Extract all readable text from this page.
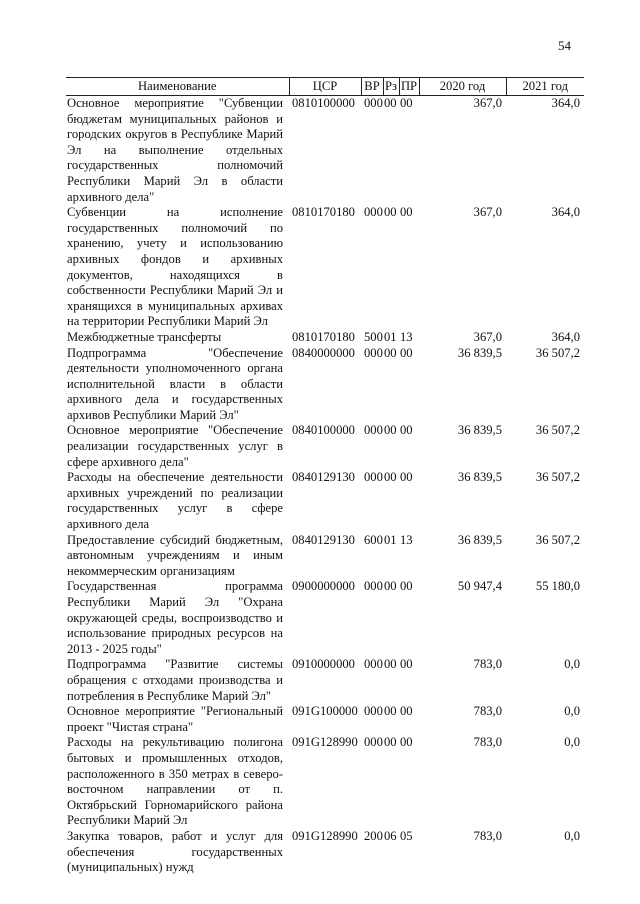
54
Наименование	ЦСР	ВР	Рз	ПР	2020 год	2021 год
Основное мероприятие "Субвенции бюджетам муниципальных районов и городских округов в Республике Марий Эл на выполнение отдельных государственных полномочий Республики Марий Эл в области архивного дела"	0810100000	000	00	00	367,0	364,0
Субвенции на исполнение государственных полномочий по хранению, учету и использованию архивных фондов и архивных документов, находящихся в собственности Республики Марий Эл и хранящихся в муниципальных архивах на территории Республики Марий Эл	0810170180	000	00	00	367,0	364,0
Межбюджетные трансферты	0810170180	500	01	13	367,0	364,0
Подпрограмма "Обеспечение деятельности уполномоченного органа исполнительной власти в области архивного дела и государственных архивов Республики Марий Эл"	0840000000	000	00	00	36 839,5	36 507,2
Основное мероприятие "Обеспечение реализации государственных услуг в сфере архивного дела"	0840100000	000	00	00	36 839,5	36 507,2
Расходы на обеспечение деятельности архивных учреждений по реализации государственных услуг в сфере архивного дела	0840129130	000	00	00	36 839,5	36 507,2
Предоставление субсидий бюджетным, автономным учреждениям и иным некоммерческим организациям	0840129130	600	01	13	36 839,5	36 507,2
Государственная программа Республики Марий Эл "Охрана окружающей среды, воспроизводство и использование природных ресурсов на 2013 - 2025 годы"	0900000000	000	00	00	50 947,4	55 180,0
Подпрограмма "Развитие системы обращения с отходами производства и потребления в Республике Марий Эл"	0910000000	000	00	00	783,0	0,0
Основное мероприятие "Региональный проект "Чистая страна"	091G100000	000	00	00	783,0	0,0
Расходы на рекультивацию полигона бытовых и промышленных отходов, расположенного в 350 метрах в северо-восточном направлении от п. Октябрьский Горномарийского района Республики Марий Эл	091G128990	000	00	00	783,0	0,0
Закупка товаров, работ и услуг для обеспечения государственных (муниципальных) нужд	091G128990	200	06	05	783,0	0,0
